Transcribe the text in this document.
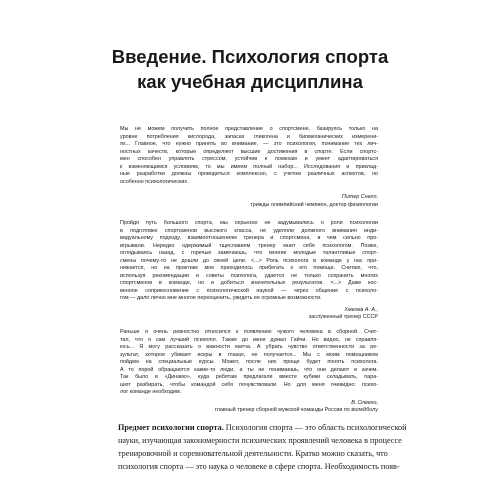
Введение. Психология спорта
как учебная дисциплина

Мы не можем получить полное представление о спортсмене, базируясь только на
уровне потребления кислорода, запасах гликогена и биомеханических измерени-
ях... Главное, что нужно принять во внимание, — это психология, понимание тех лич-
ностных качеств, которые определяют высшие достижения в спорте. Если спортс-
мен способен управлять стрессом, устойчив к помехам и умеет адаптироваться
к изменяющимся условиям, то мы имеем полный набор... Исследования и приклад-
ные разработки должны проводиться комплексно, с учетом различных аспектов, но
особенно психологических.

Питер Снелл,
трижды олимпийский чемпион, доктор физиологии

Пройдя путь большого спорта, мы серьезно не задумывались о роли психологии
в подготовке спортсменов высокого класса, не уделяли должного внимания инди-
видуальному подходу, взаимоотношениям тренера и спортсмена, в чем сильно про-
игрывали. Нередко одержимый тщеславием тренер мнит себя психологом. Позже,
оглядываясь назад, с горечью замечаешь, что многие молодые талантливые спорт-
смены почему-то не дошли до своей цели. <...> Роль психолога в команде у нас при-
нижается, но на практике мне приходилось прибегать к его помощи. Считаю, что,
используя рекомендации и советы психолога, удается не только сохранить многих
спортсменов в команде, но и добиться значительных результатов. <...> Даже кос-
венное соприкосновение с психологической наукой — через общение с психоло-
гом — дало лично мне многое переоценить, увидеть ее огромные возможности.

Хмелев А. А.,
заслуженный тренер СССР

Раньше я очень ревностно относился к появлению чужого человека в сборной. Счит-
тал, что я сам лучший психолог. Также до меня думал Гайчи. Но видно, не справля-
юсь... Я могу рассказать о важности матча. А убрать чувство ответственности за ре-
зультат, которое убивает искры в глазах, не получается... Мы с моим помощником
пойдем на специальные курсы. Может, после них проще будет понять психолога.
А то порой обращаются какие-то люди, а ты не понимаешь, что они делают и зачем.
Так было в «Динамо», куда ребятам предлагали вместе кубики складывать, пара-
шют разбирать, чтобы командой себя почувствовали. Но для меня очевидно: психо-
лог команде необходим.

В. Олекно,
главный тренер сборной мужской команды России по волейболу
Предмет психологии спорта. Психология спорта — это область психологической
науки, изучающая закономерности психических проявлений человека в процессе
тренировочной и соревновательной деятельности. Кратко можно сказать, что
психология спорта — это наука о человеке в сфере спорта. Необходимость появ-
